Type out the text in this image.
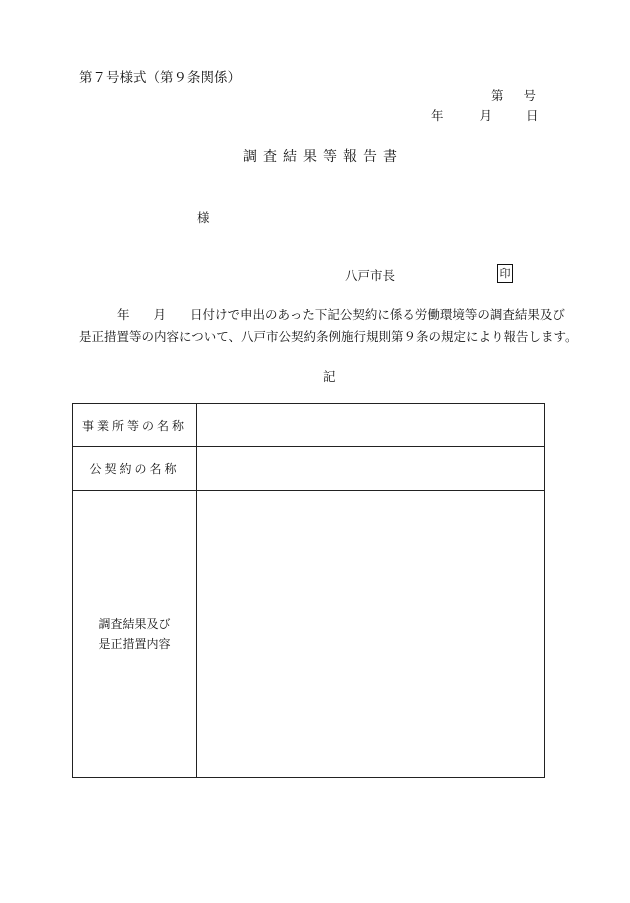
第７号様式（第９条関係）
第 号
年	月	日
調査結果等報告書
様
八戸市長	印
年 月 日付けで申出のあった下記公契約に係る労働環境等の調査結果及び
是正措置等の内容について、八戸市公契約条例施行規則第９条の規定により報告します。
記
事業所等の名称	
公契約の名称	

調査結果及び
是正措置内容	
